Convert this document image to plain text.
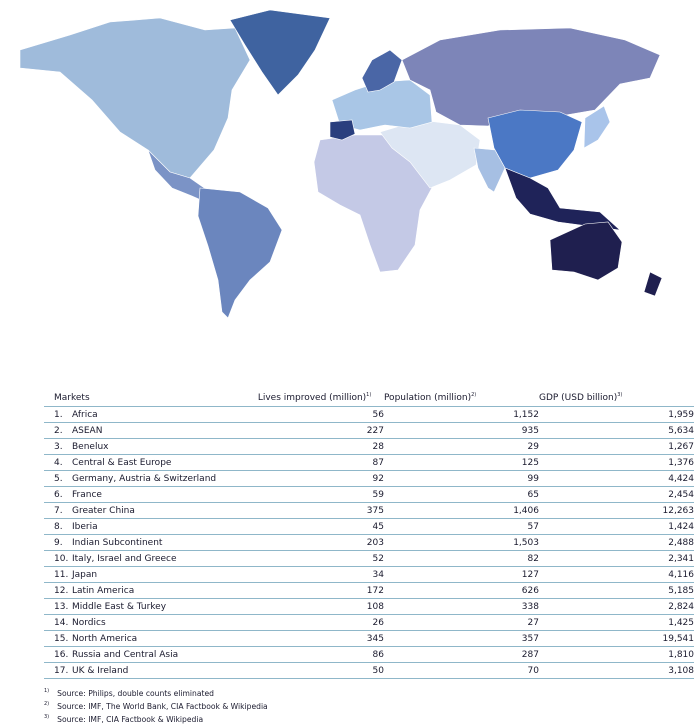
Markets	Lives improved (million)$^{1)}$	Population (million)$^{2)}$	GDP (USD billion)$^{3)}$
1. Africa	56	1,152	1,959
2. ASEAN	227	935	5,634
3. Benelux	28	29	1,267
4. Central & East Europe	87	125	1,376
5. Germany, Austria & Switzerland	92	99	4,424
6. France	59	65	2,454
7. Greater China	375	1,406	12,263
8. Iberia	45	57	1,424
9. Indian Subcontinent	203	1,503	2,488
10. Italy, Israel and Greece	52	82	2,341
11. Japan	34	127	4,116
12. Latin America	172	626	5,185
13. Middle East & Turkey	108	338	2,824
14. Nordics	26	27	1,425
15. North America	345	357	19,541
16. Russia and Central Asia	86	287	1,810
17. UK & Ireland	50	70	3,108
$^{1)}$ Source: Philips, double counts eliminated
$^{2)}$ Source: IMF, The World Bank, CIA Factbook & Wikipedia
$^{3)}$ Source: IMF, CIA Factbook & Wikipedia
